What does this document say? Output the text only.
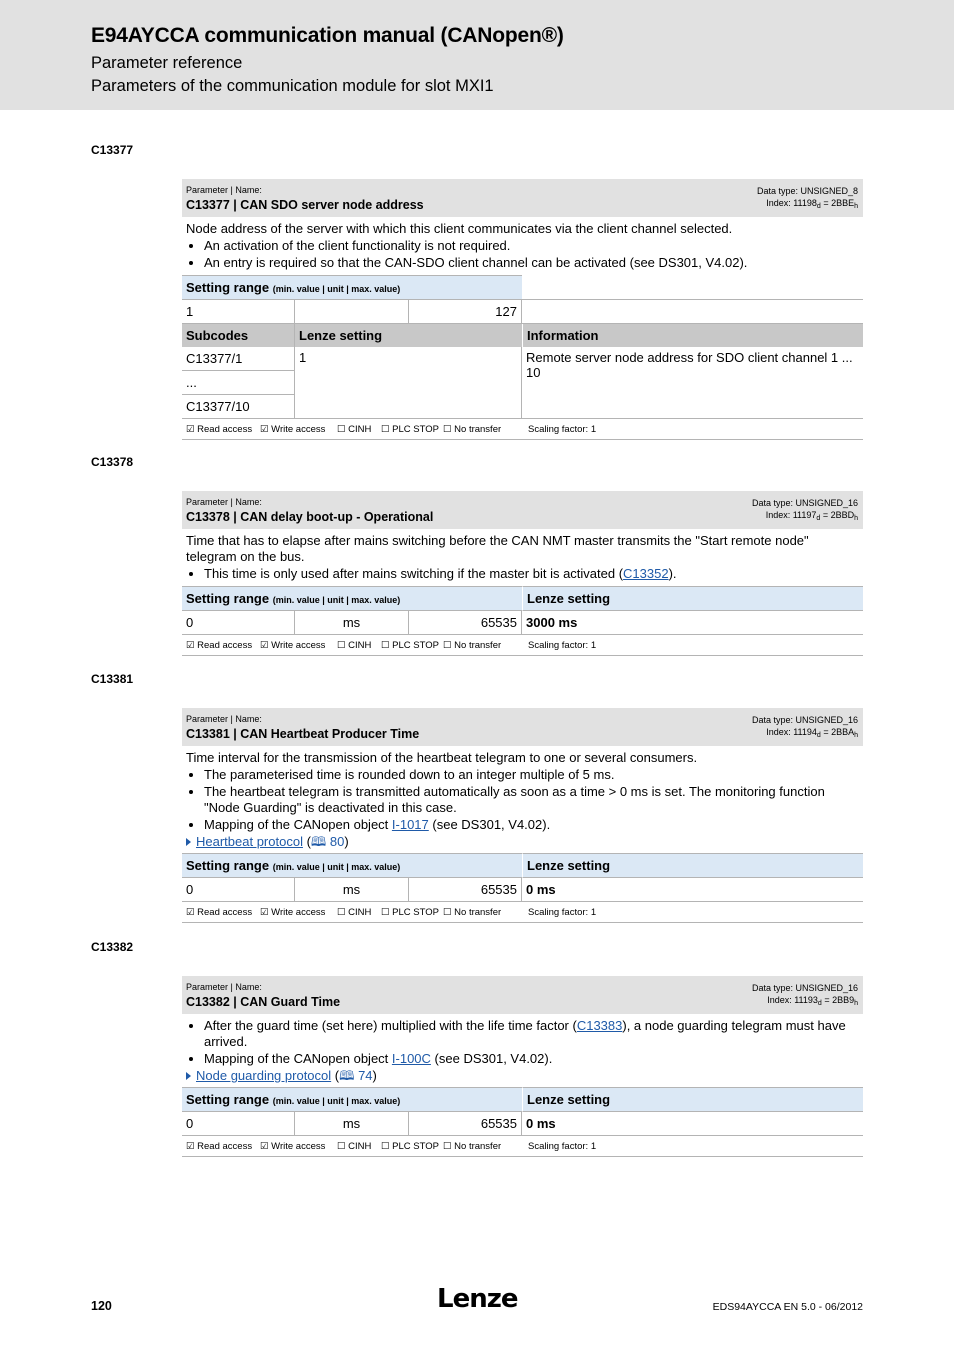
E94AYCCA communication manual (CANopen®)
Parameter reference
Parameters of the communication module for slot MXI1
C13377
Parameter | Name:
C13377 | CAN SDO server node address
Data type: UNSIGNED_8
Index: $11198_d = 2BBE_h$
Node address of the server with which this client communicates via the client channel selected.
• An activation of the client functionality is not required.
• An entry is required so that the CAN-SDO client channel can be activated (see DS301, V4.02).
Setting range (min. value | unit | max. value)			
1		127	
Subcodes	Lenze setting		Information
C13377/1	1		Remote server node address for SDO client channel 1 ... 10
...			
C13377/10			
☑ Read access ☑ Write access ☐ CINH ☐ PLC STOP ☐ No transfer	Scaling factor: 1
C13378
Parameter | Name:
C13378 | CAN delay boot-up - Operational
Data type: UNSIGNED_16
Index: $11197_d = 2BBD_h$
Time that has to elapse after mains switching before the CAN NMT master transmits the "Start remote node" telegram on the bus.
• This time is only used after mains switching if the master bit is activated (C13352).
Setting range (min. value | unit | max. value)			Lenze setting
0	ms	65535	3000 ms
☑ Read access ☑ Write access ☐ CINH ☐ PLC STOP ☐ No transfer	Scaling factor: 1
C13381
Parameter | Name:
C13381 | CAN Heartbeat Producer Time
Data type: UNSIGNED_16
Index: $11194_d = 2BBA_h$
Time interval for the transmission of the heartbeat telegram to one or several consumers.
• The parameterised time is rounded down to an integer multiple of 5 ms.
• The heartbeat telegram is transmitted automatically as soon as a time > 0 ms is set. The monitoring function "Node Guarding" is deactivated in this case.
• Mapping of the CANopen object I-1017 (see DS301, V4.02).
Heartbeat protocol (🕮 80)
Setting range (min. value | unit | max. value)			Lenze setting
0	ms	65535	0 ms
☑ Read access ☑ Write access ☐ CINH ☐ PLC STOP ☐ No transfer	Scaling factor: 1
C13382
Parameter | Name:
C13382 | CAN Guard Time
Data type: UNSIGNED_16
Index: $11193_d = 2BB9_h$
• After the guard time (set here) multiplied with the life time factor (C13383), a node guarding telegram must have arrived.
• Mapping of the CANopen object I-100C (see DS301, V4.02).
Node guarding protocol (🕮 74)
Setting range (min. value | unit | max. value)			Lenze setting
0	ms	65535	0 ms
☑ Read access ☑ Write access ☐ CINH ☐ PLC STOP ☐ No transfer	Scaling factor: 1
120	Lenze	EDS94AYCCA EN 5.0 - 06/2012
